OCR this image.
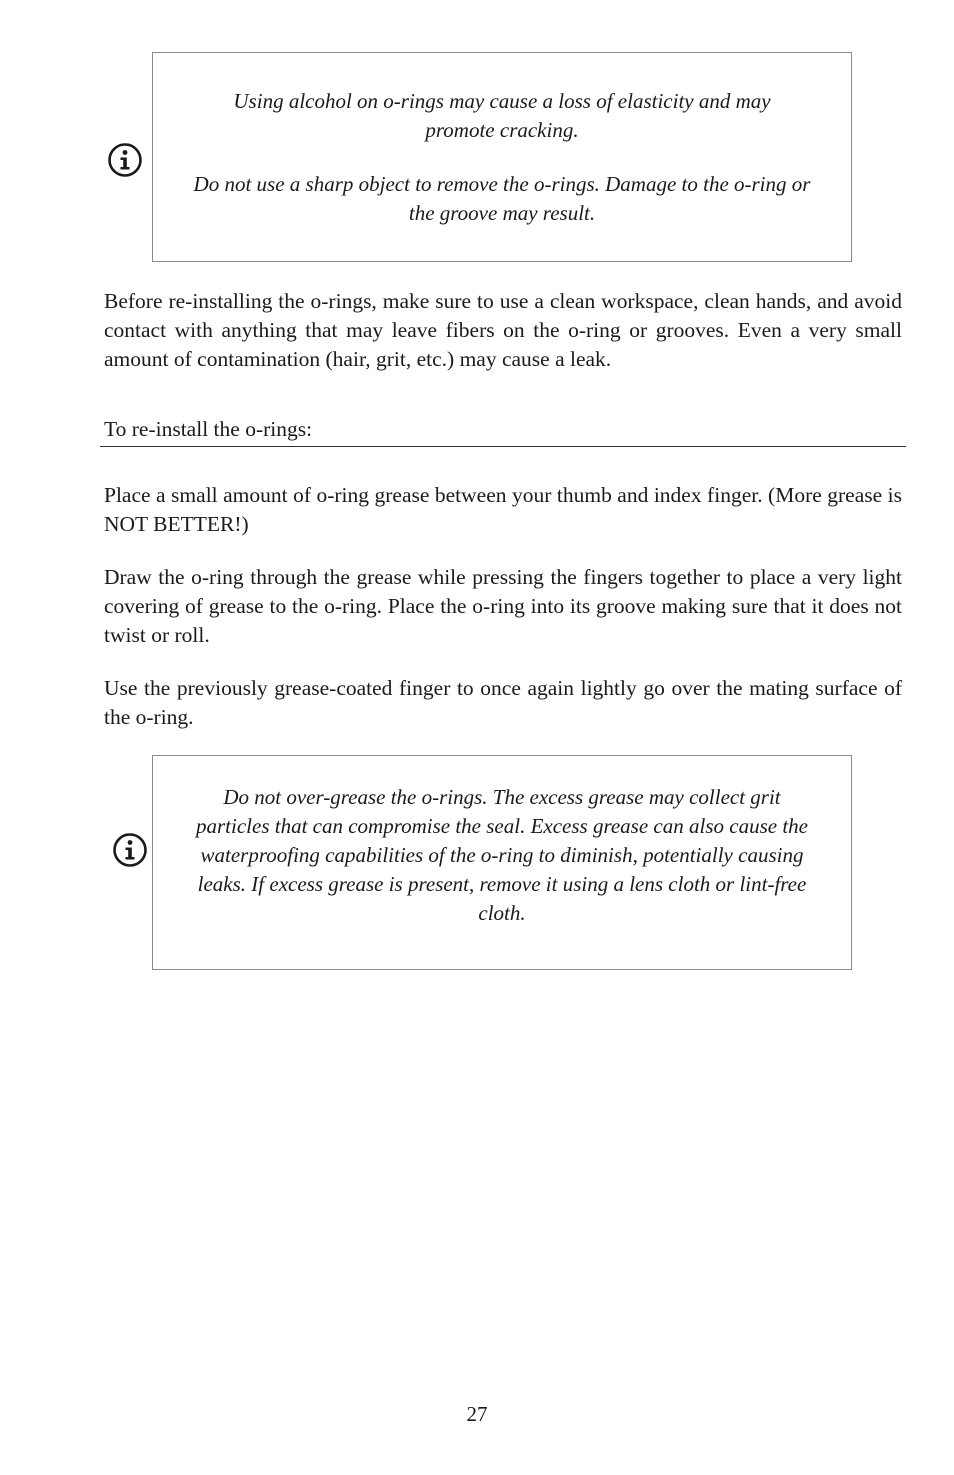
Using alcohol on o-rings may cause a loss of elasticity and may promote cracking.

Do not use a sharp object to remove the o-rings. Damage to the o-ring or the groove may result.

Before re-installing the o-rings, make sure to use a clean workspace, clean hands, and avoid contact with anything that may leave fibers on the o-ring or grooves. Even a very small amount of contamination (hair, grit, etc.) may cause a leak.

To re-install the o-rings:

Place a small amount of o-ring grease between your thumb and index finger. (More grease is NOT BETTER!)

Draw the o-ring through the grease while pressing the fingers together to place a very light covering of grease to the o-ring. Place the o-ring into its groove making sure that it does not twist or roll.

Use the previously grease-coated finger to once again lightly go over the mating surface of the o-ring.

Do not over-grease the o-rings. The excess grease may collect grit particles that can compromise the seal. Excess grease can also cause the waterproofing capabilities of the o-ring to diminish, potentially causing leaks. If excess grease is present, remove it using a lens cloth or lint-free cloth.

27
